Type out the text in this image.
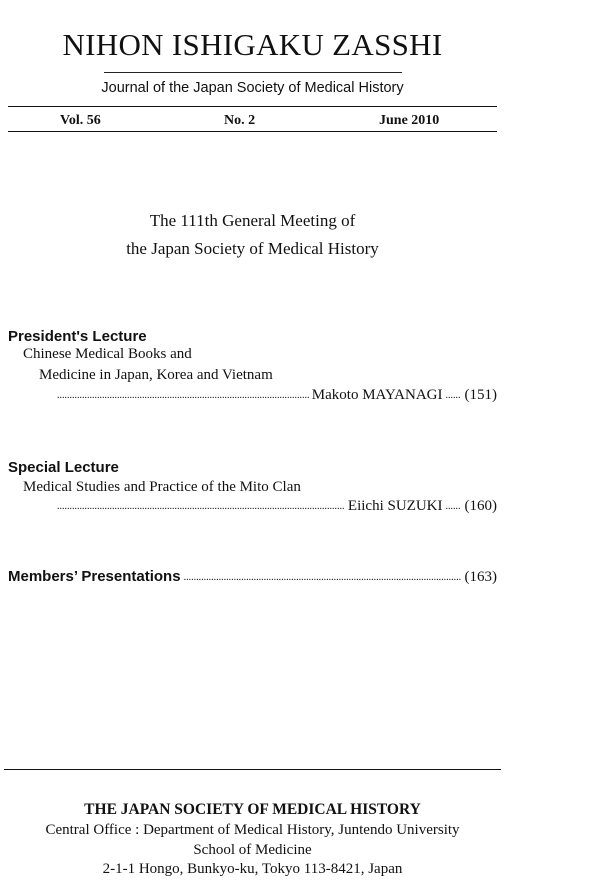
NIHON ISHIGAKU ZASSHI
Journal of the Japan Society of Medical History
Vol. 56	No. 2	June 2010
The 111th General Meeting of
the Japan Society of Medical History
President's Lecture
Chinese Medical Books and
Medicine in Japan, Korea and Vietnam
.....
Makoto MAYANAGI ...... (151)
Special Lecture
Medical Studies and Practice of the Mito Clan
.....
Eiichi SUZUKI ...... (160)
Members’ Presentations
.....	(163)
THE JAPAN SOCIETY OF MEDICAL HISTORY
Central Office : Department of Medical History, Juntendo University
School of Medicine
2-1-1 Hongo, Bunkyo-ku, Tokyo 113-8421, Japan
